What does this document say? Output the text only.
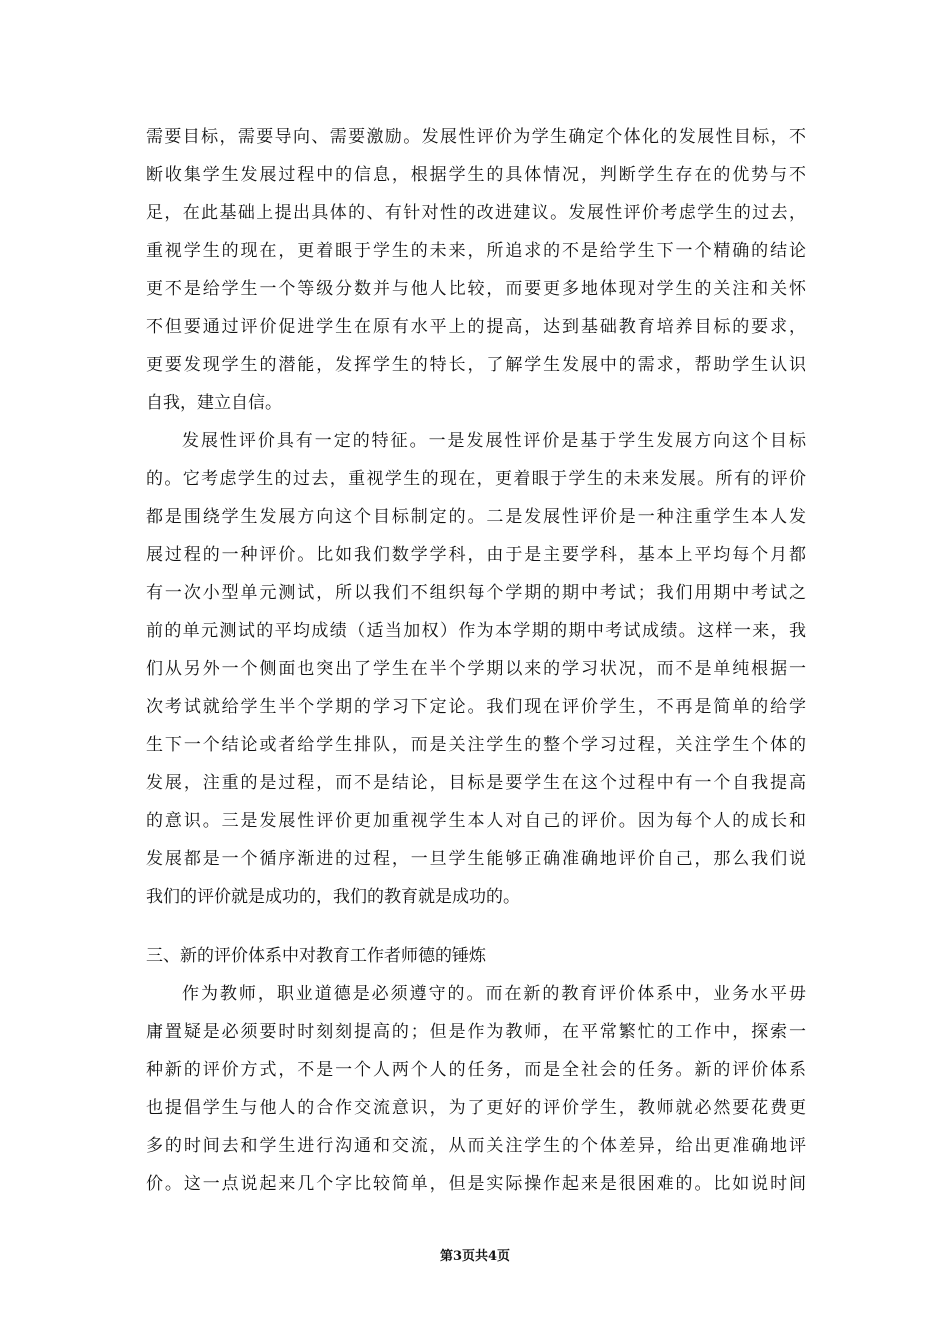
需要目标，需要导向、需要激励。发展性评价为学生确定个体化的发展性目标，不
断收集学生发展过程中的信息，根据学生的具体情况，判断学生存在的优势与不
足，在此基础上提出具体的、有针对性的改进建议。发展性评价考虑学生的过去，
重视学生的现在，更着眼于学生的未来，所追求的不是给学生下一个精确的结论
更不是给学生一个等级分数并与他人比较，而要更多地体现对学生的关注和关怀
不但要通过评价促进学生在原有水平上的提高，达到基础教育培养目标的要求，
更要发现学生的潜能，发挥学生的特长，了解学生发展中的需求，帮助学生认识
自我，建立自信。
发展性评价具有一定的特征。一是发展性评价是基于学生发展方向这个目标
的。它考虑学生的过去，重视学生的现在，更着眼于学生的未来发展。所有的评价
都是围绕学生发展方向这个目标制定的。二是发展性评价是一种注重学生本人发
展过程的一种评价。比如我们数学学科，由于是主要学科，基本上平均每个月都
有一次小型单元测试，所以我们不组织每个学期的期中考试；我们用期中考试之
前的单元测试的平均成绩（适当加权）作为本学期的期中考试成绩。这样一来，我
们从另外一个侧面也突出了学生在半个学期以来的学习状况，而不是单纯根据一
次考试就给学生半个学期的学习下定论。我们现在评价学生，不再是简单的给学
生下一个结论或者给学生排队，而是关注学生的整个学习过程，关注学生个体的
发展，注重的是过程，而不是结论，目标是要学生在这个过程中有一个自我提高
的意识。三是发展性评价更加重视学生本人对自己的评价。因为每个人的成长和
发展都是一个循序渐进的过程，一旦学生能够正确准确地评价自己，那么我们说
我们的评价就是成功的，我们的教育就是成功的。
三、新的评价体系中对教育工作者师德的锤炼
作为教师，职业道德是必须遵守的。而在新的教育评价体系中，业务水平毋
庸置疑是必须要时时刻刻提高的；但是作为教师，在平常繁忙的工作中，探索一
种新的评价方式，不是一个人两个人的任务，而是全社会的任务。新的评价体系
也提倡学生与他人的合作交流意识，为了更好的评价学生，教师就必然要花费更
多的时间去和学生进行沟通和交流，从而关注学生的个体差异，给出更准确地评
价。这一点说起来几个字比较简单，但是实际操作起来是很困难的。比如说时间
第3页共4页
